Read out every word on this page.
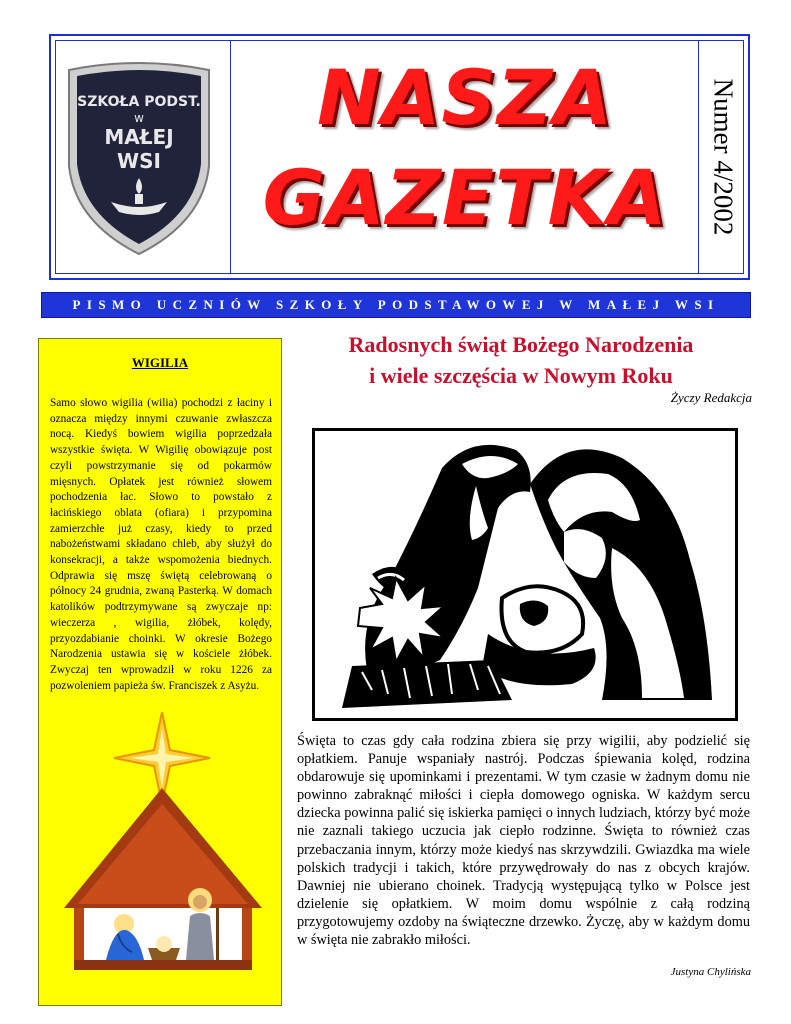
SZKOŁA PODST.
w
MAŁEJ
WSI
NASZA
GAZETKA	Numer 4/2002
PISMO UCZNIÓW SZKOŁY PODSTAWOWEJ W MAŁEJ WSI
WIGILIA
Samo słowo wigilia (wilia) pochodzi z łaciny i oznacza między innymi czuwanie zwłaszcza nocą. Kiedyś bowiem wigilia poprzedzała wszystkie święta. W Wigilię obowiązuje post czyli powstrzymanie się od pokarmów mięsnych. Opłatek jest również słowem pochodzenia łac. Słowo to powstało z łacińskiego oblata (ofiara) i przypomina zamierzchłe już czasy, kiedy to przed nabożeństwami składano chleb, aby służył do konsekracji, a także wspomożenia biednych. Odprawia się mszę świętą celebrowaną o północy 24 grudnia, zwaną Pasterką. W domach katolików podtrzymywane są zwyczaje np: wieczerza , wigilia, żłóbek, kolędy, przyozdabianie choinki. W okresie Bożego Narodzenia ustawia się w kościele żłóbek. Zwyczaj ten wprowadził w roku 1226 za pozwoleniem papieża św. Franciszek z Asyżu.
Radosnych świąt Bożego Narodzenia
i wiele szczęścia w Nowym Roku
Życzy Redakcja
Święta to czas gdy cała rodzina zbiera się przy wigilii, aby podzielić się opłatkiem. Panuje wspaniały nastrój. Podczas śpiewania kolęd, rodzina obdarowuje się upominkami i prezentami. W tym czasie w żadnym domu nie powinno zabraknąć miłości i ciepła domowego ogniska. W każdym sercu dziecka powinna palić się iskierka pamięci o innych ludziach, którzy być może nie zaznali takiego uczucia jak ciepło rodzinne. Święta to również czas przebaczania innym, którzy może kiedyś nas skrzywdzili. Gwiazdka ma wiele polskich tradycji i takich, które przywędrowały do nas z obcych krajów. Dawniej nie ubierano choinek. Tradycją występującą tylko w Polsce jest dzielenie się opłatkiem. W moim domu wspólnie z całą rodziną przygotowujemy ozdoby na świąteczne drzewko. Życzę, aby w każdym domu w święta nie zabrakło miłości.
Justyna Chylińska
